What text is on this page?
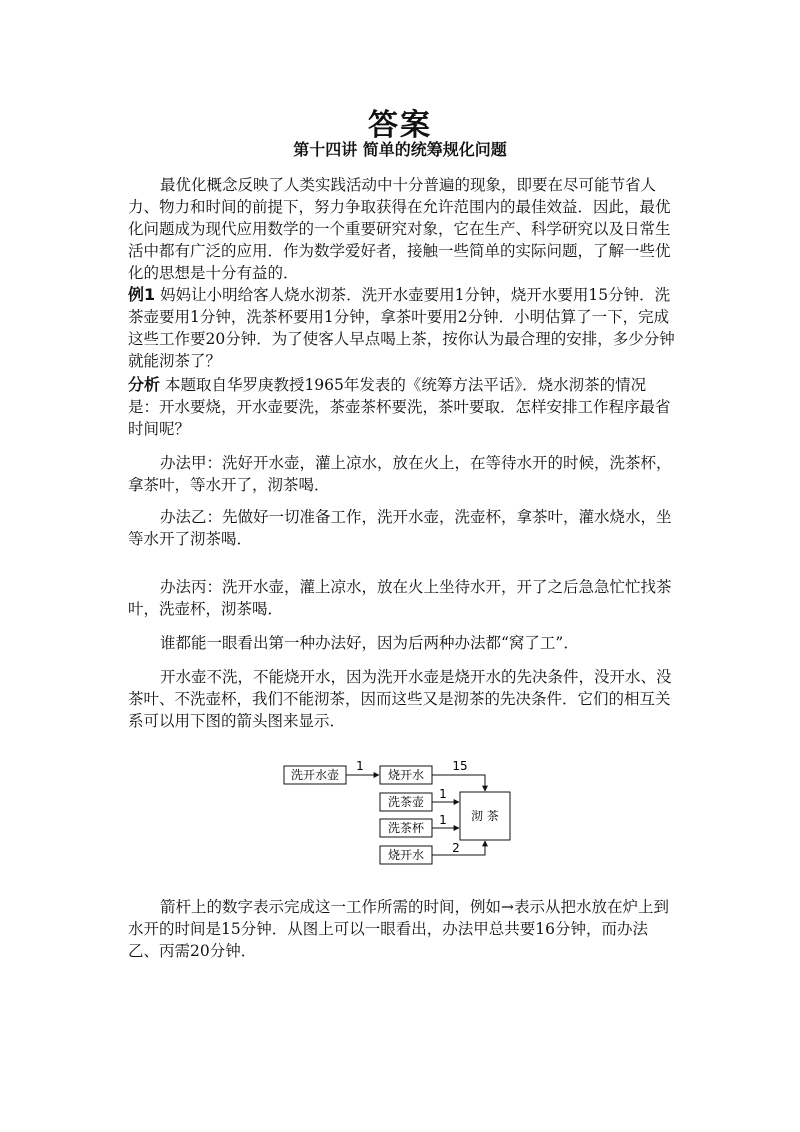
答案
第十四讲 简单的统筹规化问题

最优化概念反映了人类实践活动中十分普遍的现象，即要在尽可能节省人力、物力和时间的前提下，努力争取获得在允许范围内的最佳效益．因此，最优化问题成为现代应用数学的一个重要研究对象，它在生产、科学研究以及日常生活中都有广泛的应用．作为数学爱好者，接触一些简单的实际问题，了解一些优化的思想是十分有益的．

例1 妈妈让小明给客人烧水沏茶．洗开水壶要用1分钟，烧开水要用15分钟．洗茶壶要用1分钟，洗茶杯要用1分钟，拿茶叶要用2分钟．小明估算了一下，完成这些工作要20分钟．为了使客人早点喝上茶，按你认为最合理的安排，多少分钟就能沏茶了？

分析 本题取自华罗庚教授1965年发表的《统筹方法平话》．烧水沏茶的情况是：开水要烧，开水壶要洗，茶壶茶杯要洗，茶叶要取．怎样安排工作程序最省时间呢？

办法甲：洗好开水壶，灌上凉水，放在火上，在等待水开的时候，洗茶杯，拿茶叶，等水开了，沏茶喝．

办法乙：先做好一切准备工作，洗开水壶，洗壶杯，拿茶叶，灌水烧水，坐等水开了沏茶喝．

办法丙：洗开水壶，灌上凉水，放在火上坐待水开，开了之后急急忙忙找茶叶，洗壶杯，沏茶喝．

谁都能一眼看出第一种办法好，因为后两种办法都“窝了工”．

开水壶不洗，不能烧开水，因为洗开水壶是烧开水的先决条件，没开水、没茶叶、不洗壶杯，我们不能沏茶，因而这些又是沏茶的先决条件．它们的相互关系可以用下图的箭头图来显示．

洗开水壶	烧开水
洗茶壶
洗茶杯
烧开水
沏 茶
1	15
1
1
2

箭杆上的数字表示完成这一工作所需的时间，例如→表示从把水放在炉上到水开的时间是15分钟．从图上可以一眼看出，办法甲总共要16分钟，而办法乙、丙需20分钟．
